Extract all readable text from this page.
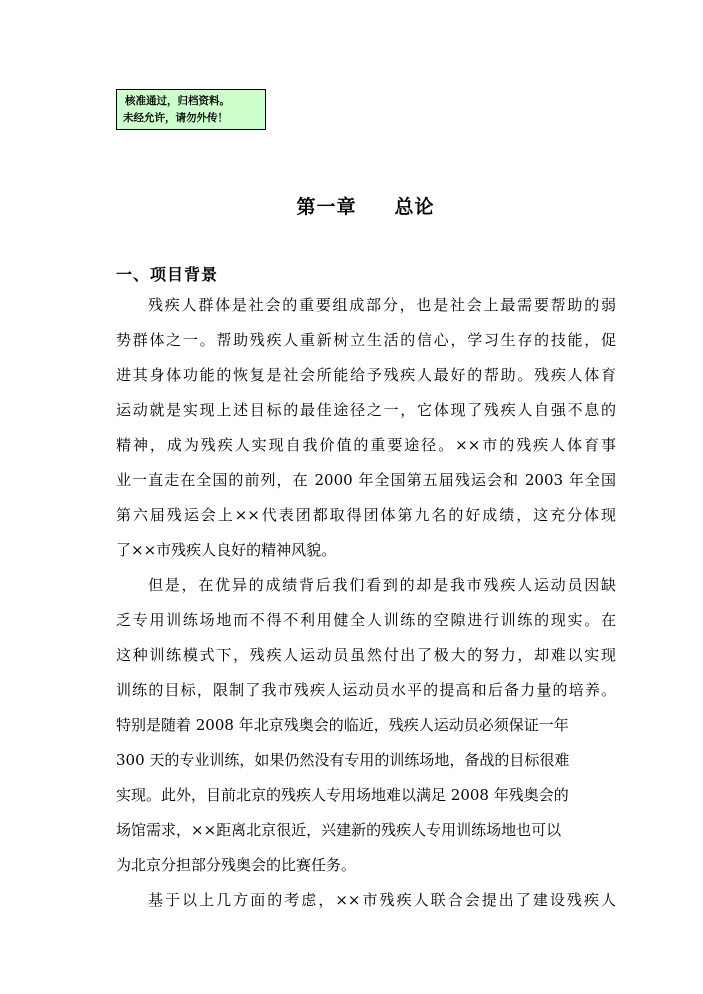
核准通过，归档资料。
未经允许，请勿外传！
第一章 总论
一、项目背景
残疾人群体是社会的重要组成部分，也是社会上最需要帮助的弱
势群体之一。帮助残疾人重新树立生活的信心，学习生存的技能，促
进其身体功能的恢复是社会所能给予残疾人最好的帮助。残疾人体育
运动就是实现上述目标的最佳途径之一，它体现了残疾人自强不息的
精神，成为残疾人实现自我价值的重要途径。××市的残疾人体育事
业一直走在全国的前列，在 2000 年全国第五届残运会和 2003 年全国
第六届残运会上××代表团都取得团体第九名的好成绩，这充分体现
了××市残疾人良好的精神风貌。
但是，在优异的成绩背后我们看到的却是我市残疾人运动员因缺
乏专用训练场地而不得不利用健全人训练的空隙进行训练的现实。在
这种训练模式下，残疾人运动员虽然付出了极大的努力，却难以实现
训练的目标，限制了我市残疾人运动员水平的提高和后备力量的培养。
特别是随着 2008 年北京残奥会的临近，残疾人运动员必须保证一年
300 天的专业训练，如果仍然没有专用的训练场地，备战的目标很难
实现。此外，目前北京的残疾人专用场地难以满足 2008 年残奥会的
场馆需求，××距离北京很近，兴建新的残疾人专用训练场地也可以
为北京分担部分残奥会的比赛任务。
基于以上几方面的考虑，××市残疾人联合会提出了建设残疾人
